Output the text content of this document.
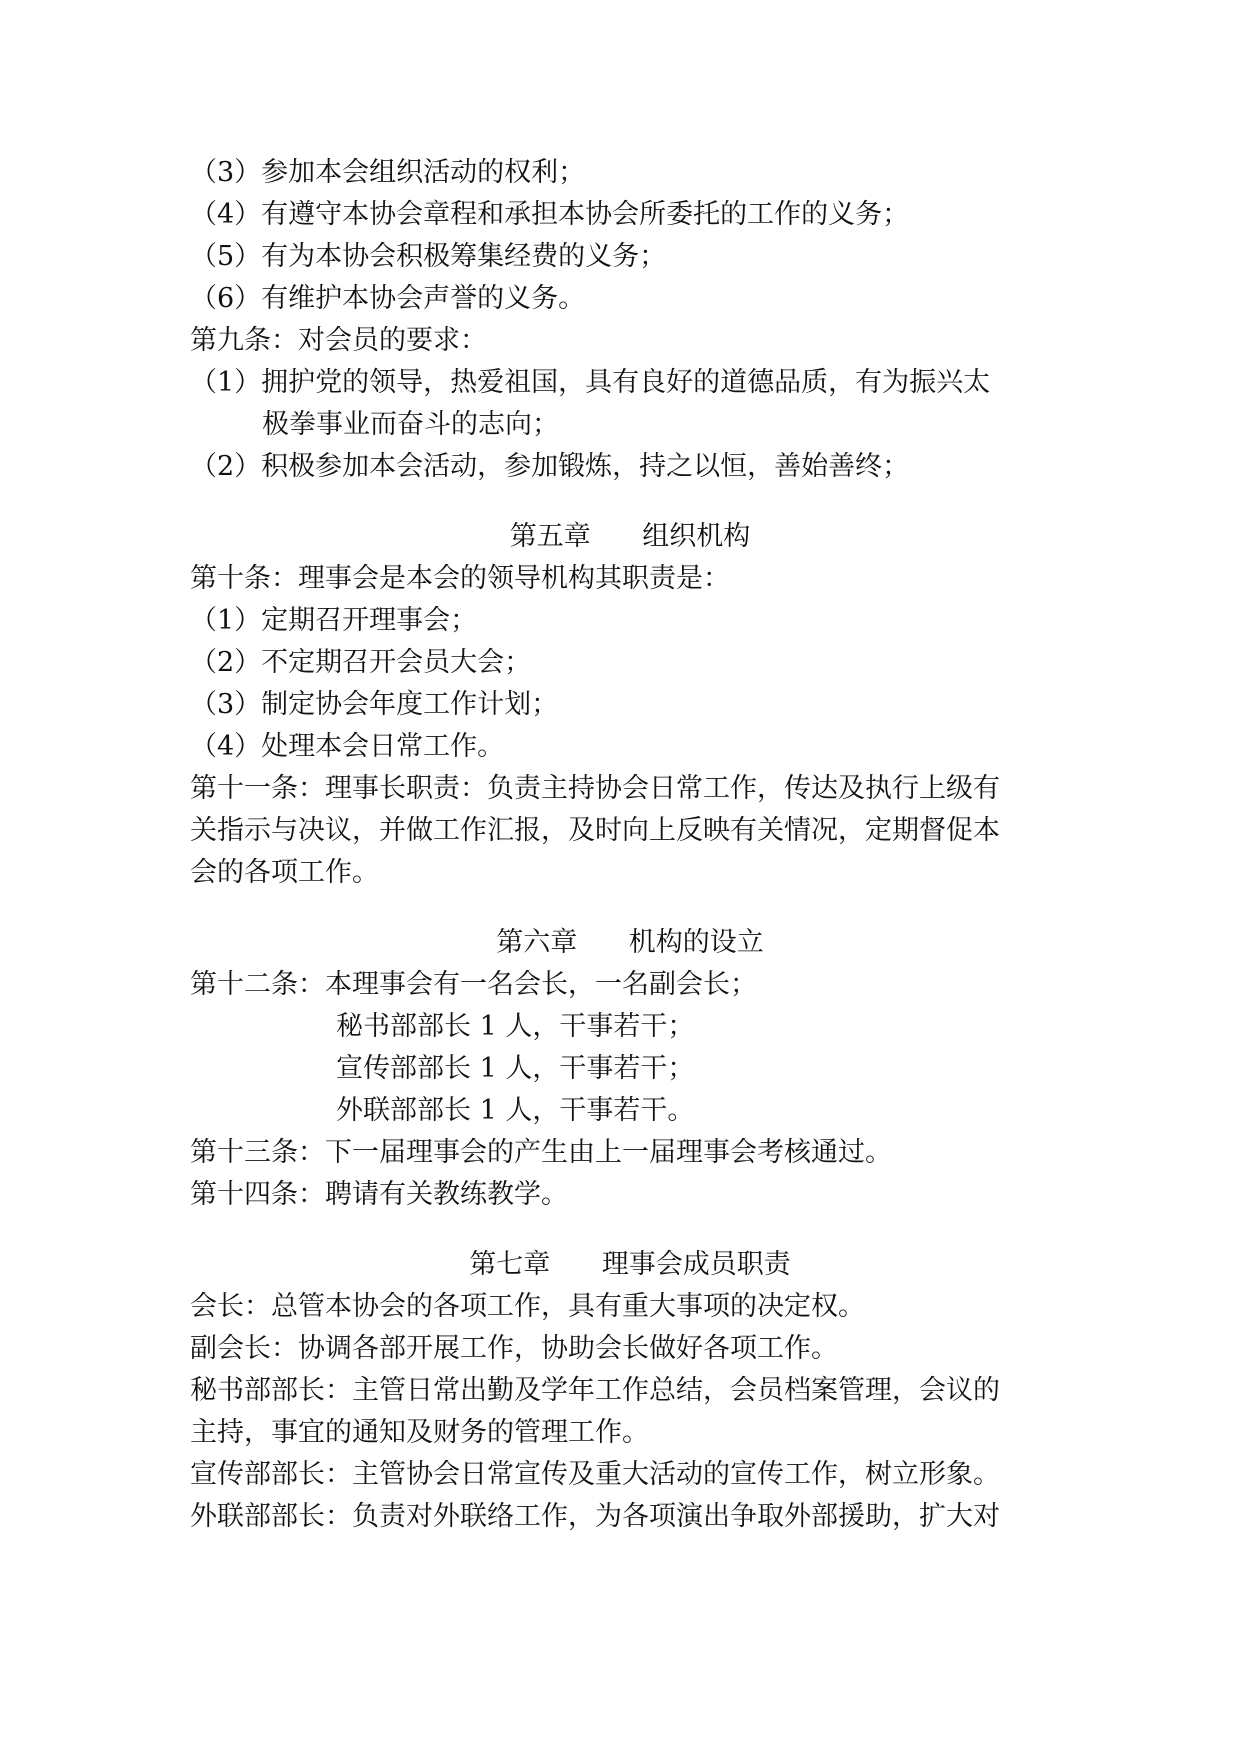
（3）参加本会组织活动的权利；
（4）有遵守本协会章程和承担本协会所委托的工作的义务；
（5）有为本协会积极筹集经费的义务；
（6）有维护本协会声誉的义务。
第九条：对会员的要求：
（1）拥护党的领导，热爱祖国，具有良好的道德品质，有为振兴太
极拳事业而奋斗的志向；
（2）积极参加本会活动，参加锻炼，持之以恒，善始善终；
第五章      组织机构
第十条：理事会是本会的领导机构其职责是：
（1）定期召开理事会；
（2）不定期召开会员大会；
（3）制定协会年度工作计划；
（4）处理本会日常工作。
第十一条：理事长职责：负责主持协会日常工作，传达及执行上级有
关指示与决议，并做工作汇报，及时向上反映有关情况，定期督促本
会的各项工作。
第六章      机构的设立
第十二条：本理事会有一名会长，一名副会长；
秘书部部长 1 人，干事若干；
宣传部部长 1 人，干事若干；
外联部部长 1 人，干事若干。
第十三条：下一届理事会的产生由上一届理事会考核通过。
第十四条：聘请有关教练教学。
第七章      理事会成员职责
会长：总管本协会的各项工作，具有重大事项的决定权。
副会长：协调各部开展工作，协助会长做好各项工作。
秘书部部长：主管日常出勤及学年工作总结，会员档案管理，会议的
主持，事宜的通知及财务的管理工作。
宣传部部长：主管协会日常宣传及重大活动的宣传工作，树立形象。
外联部部长：负责对外联络工作，为各项演出争取外部援助，扩大对
